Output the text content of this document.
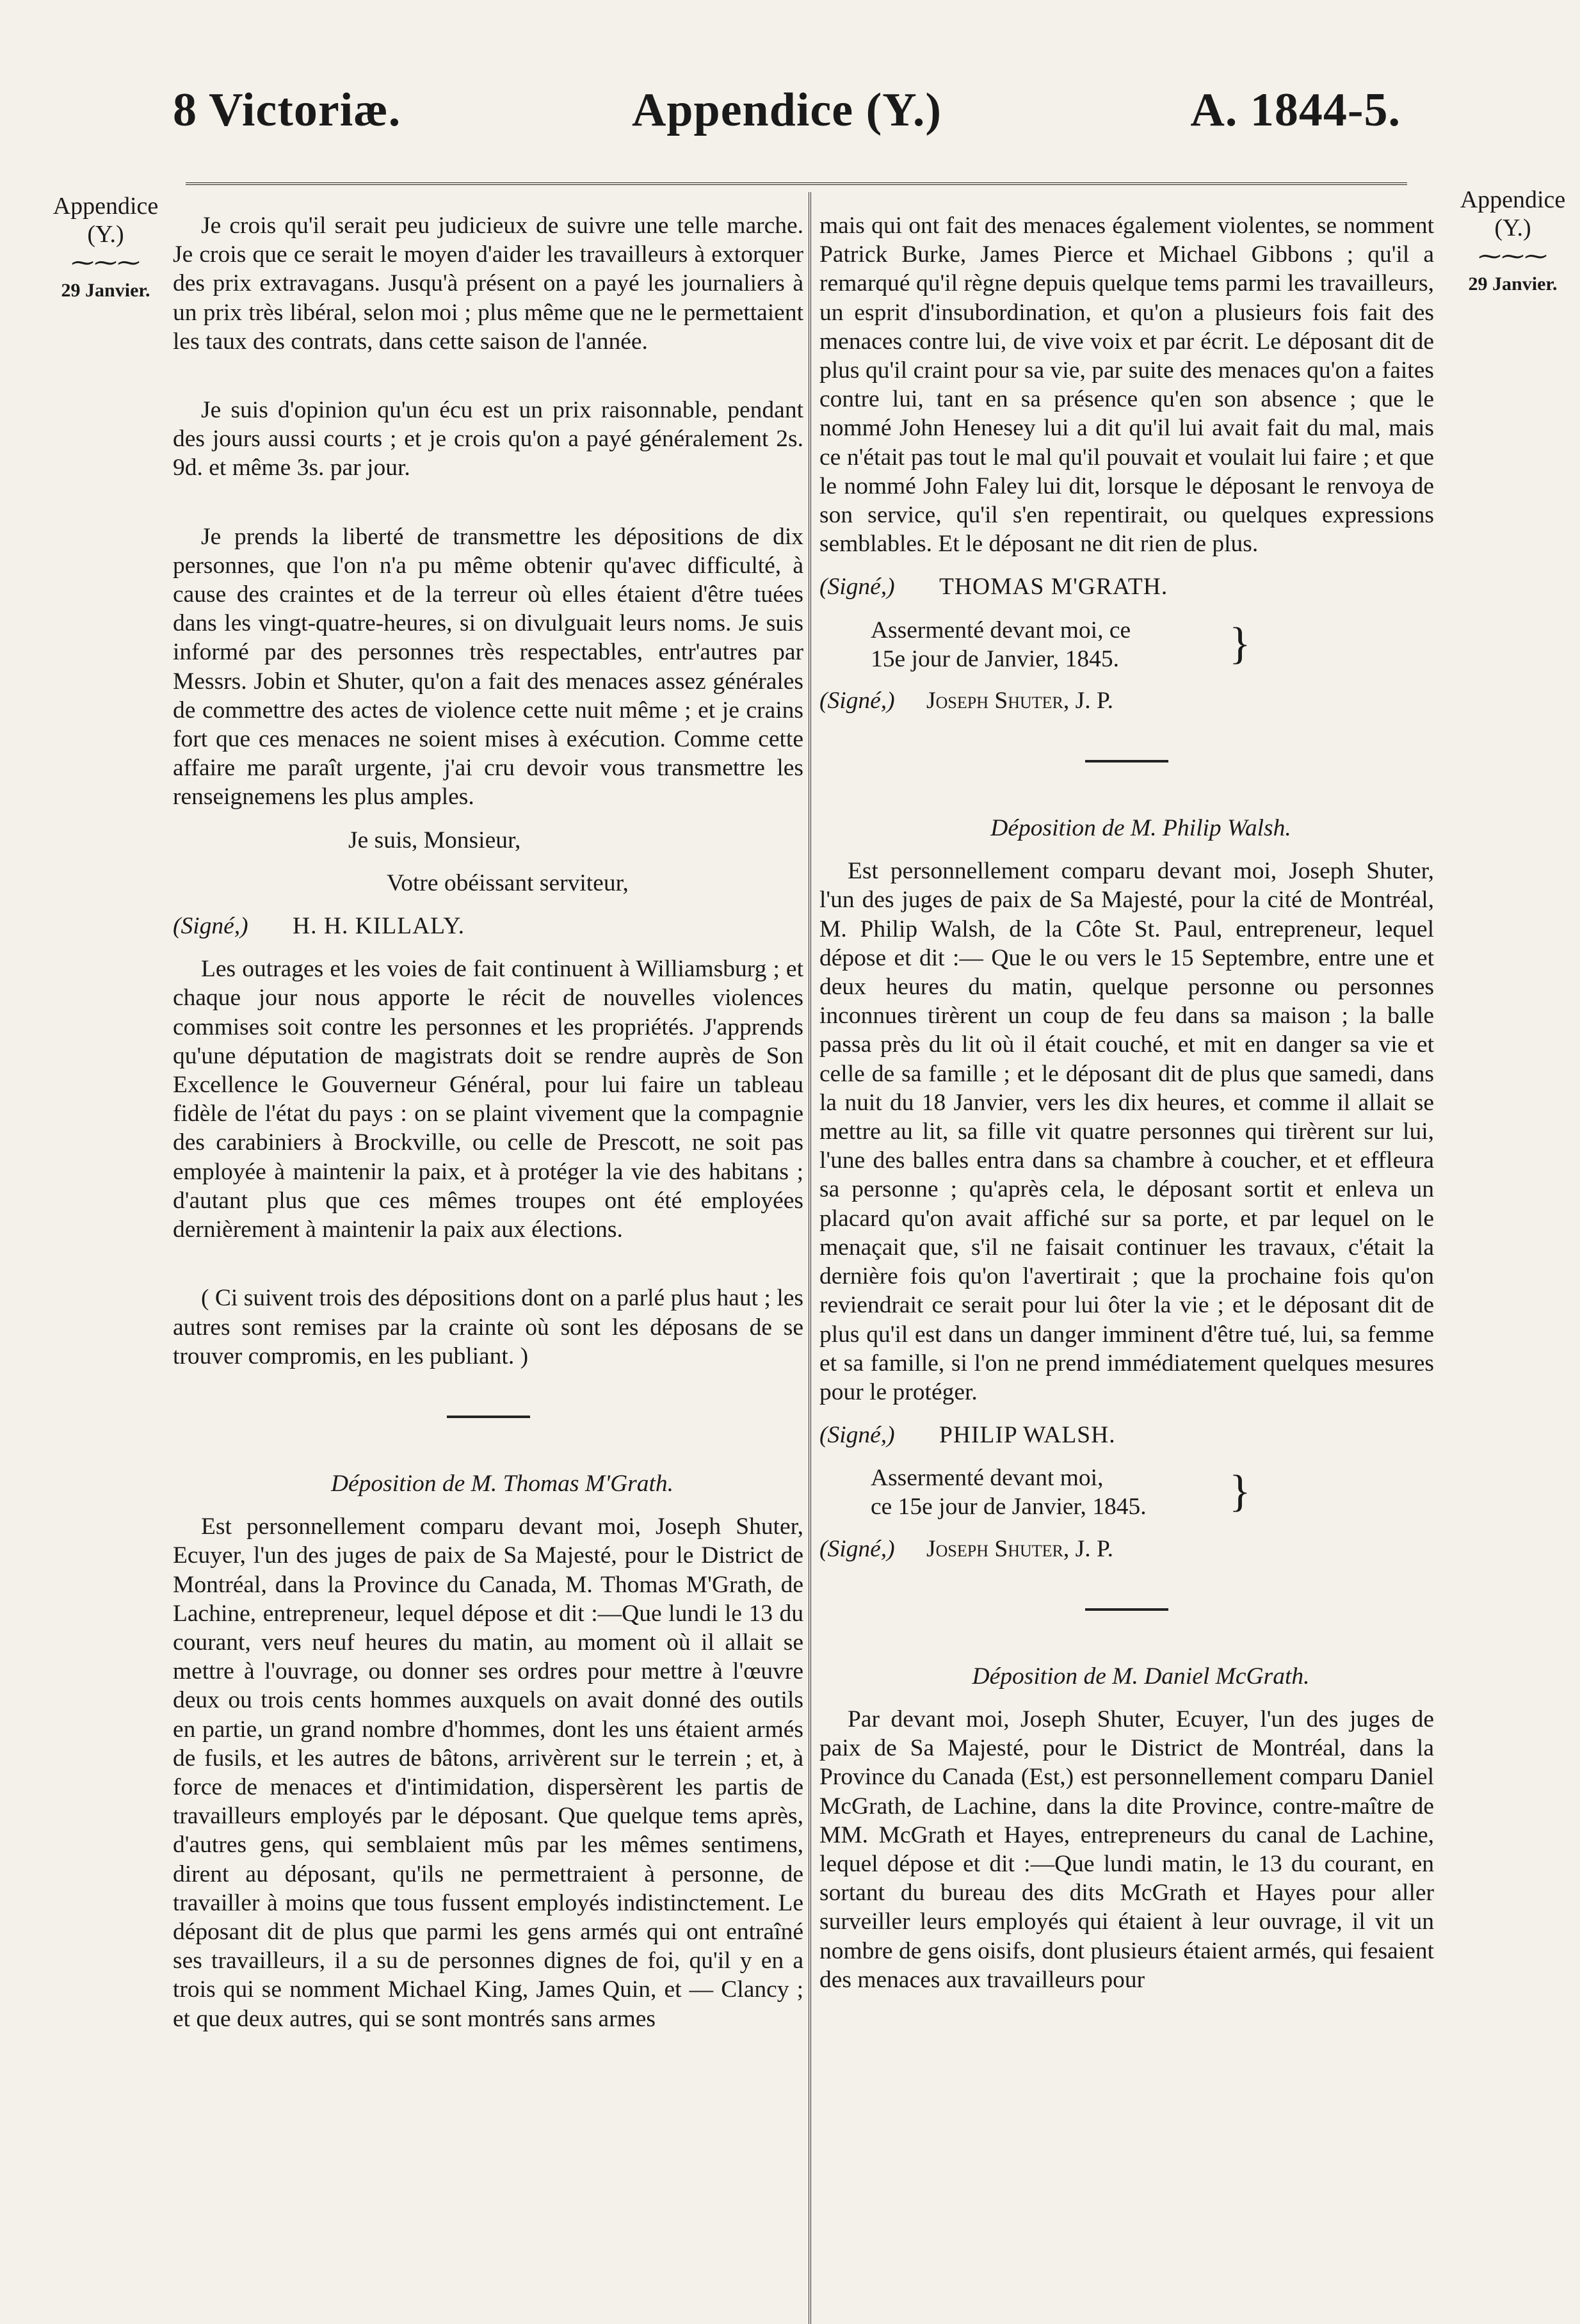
8 Victoriæ.	Appendice (Y.)	A. 1844-5.
Appendice
(Y.)
⁓⁓⁓
29 Janvier.
Appendice
(Y.)
⁓⁓⁓
29 Janvier.

Je crois qu'il serait peu judicieux de suivre une telle marche. Je crois que ce serait le moyen d'aider les travailleurs à extorquer des prix extravagans. Jusqu'à présent on a payé les journaliers à un prix très libéral, selon moi ; plus même que ne le permettaient les taux des contrats, dans cette saison de l'année.

Je suis d'opinion qu'un écu est un prix raisonnable, pendant des jours aussi courts ; et je crois qu'on a payé généralement 2s. 9d. et même 3s. par jour.

Je prends la liberté de transmettre les dépositions de dix personnes, que l'on n'a pu même obtenir qu'avec difficulté, à cause des craintes et de la terreur où elles étaient d'être tuées dans les vingt-quatre-heures, si on divulguait leurs noms. Je suis informé par des personnes très respectables, entr'autres par Messrs. Jobin et Shuter, qu'on a fait des menaces assez générales de commettre des actes de violence cette nuit même ; et je crains fort que ces menaces ne soient mises à exécution. Comme cette affaire me paraît urgente, j'ai cru devoir vous transmettre les renseignemens les plus amples.

Je suis, Monsieur,

Votre obéissant serviteur,

(Signé,) H. H. KILLALY.

Les outrages et les voies de fait continuent à Williamsburg ; et chaque jour nous apporte le récit de nouvelles violences commises soit contre les personnes et les propriétés. J'apprends qu'une députation de magistrats doit se rendre auprès de Son Excellence le Gouverneur Général, pour lui faire un tableau fidèle de l'état du pays : on se plaint vivement que la compagnie des carabiniers à Brockville, ou celle de Prescott, ne soit pas employée à maintenir la paix, et à protéger la vie des habitans ; d'autant plus que ces mêmes troupes ont été employées dernièrement à maintenir la paix aux élections.

( Ci suivent trois des dépositions dont on a parlé plus haut ; les autres sont remises par la crainte où sont les déposans de se trouver compromis, en les publiant. )

Déposition de M. Thomas M'Grath.

Est personnellement comparu devant moi, Joseph Shuter, Ecuyer, l'un des juges de paix de Sa Majesté, pour le District de Montréal, dans la Province du Canada, M. Thomas M'Grath, de Lachine, entrepreneur, lequel dépose et dit :—Que lundi le 13 du courant, vers neuf heures du matin, au moment où il allait se mettre à l'ouvrage, ou donner ses ordres pour mettre à l'œuvre deux ou trois cents hommes auxquels on avait donné des outils en partie, un grand nombre d'hommes, dont les uns étaient armés de fusils, et les autres de bâtons, arrivèrent sur le terrein ; et, à force de menaces et d'intimidation, dispersèrent les partis de travailleurs employés par le déposant. Que quelque tems après, d'autres gens, qui semblaient mûs par les mêmes sentimens, dirent au déposant, qu'ils ne permettraient à personne, de travailler à moins que tous fussent employés indistinctement. Le déposant dit de plus que parmi les gens armés qui ont entraîné ses travailleurs, il a su de personnes dignes de foi, qu'il y en a trois qui se nomment Michael King, James Quin, et — Clancy ; et que deux autres, qui se sont montrés sans armes

mais qui ont fait des menaces également violentes, se nomment Patrick Burke, James Pierce et Michael Gibbons ; qu'il a remarqué qu'il règne depuis quelque tems parmi les travailleurs, un esprit d'insubordination, et qu'on a plusieurs fois fait des menaces contre lui, de vive voix et par écrit. Le déposant dit de plus qu'il craint pour sa vie, par suite des menaces qu'on a faites contre lui, tant en sa présence qu'en son absence ; que le nommé John Henesey lui a dit qu'il lui avait fait du mal, mais ce n'était pas tout le mal qu'il pouvait et voulait lui faire ; et que le nommé John Faley lui dit, lorsque le déposant le renvoya de son service, qu'il s'en repentirait, ou quelques expressions semblables. Et le déposant ne dit rien de plus.

(Signé,) THOMAS M'GRATH.

Assermenté devant moi, ce
15e jour de Janvier, 1845. }

(Signé,) Joseph Shuter, J. P.

Déposition de M. Philip Walsh.

Est personnellement comparu devant moi, Joseph Shuter, l'un des juges de paix de Sa Majesté, pour la cité de Montréal, M. Philip Walsh, de la Côte St. Paul, entrepreneur, lequel dépose et dit :— Que le ou vers le 15 Septembre, entre une et deux heures du matin, quelque personne ou personnes inconnues tirèrent un coup de feu dans sa maison ; la balle passa près du lit où il était couché, et mit en danger sa vie et celle de sa famille ; et le déposant dit de plus que samedi, dans la nuit du 18 Janvier, vers les dix heures, et comme il allait se mettre au lit, sa fille vit quatre personnes qui tirèrent sur lui, l'une des balles entra dans sa chambre à coucher, et et effleura sa personne ; qu'après cela, le déposant sortit et enleva un placard qu'on avait affiché sur sa porte, et par lequel on le menaçait que, s'il ne faisait continuer les travaux, c'était la dernière fois qu'on l'avertirait ; que la prochaine fois qu'on reviendrait ce serait pour lui ôter la vie ; et le déposant dit de plus qu'il est dans un danger imminent d'être tué, lui, sa femme et sa famille, si l'on ne prend immédiatement quelques mesures pour le protéger.

(Signé,) PHILIP WALSH.

Assermenté devant moi,
ce 15e jour de Janvier, 1845. }

(Signé,) Joseph Shuter, J. P.

Déposition de M. Daniel McGrath.

Par devant moi, Joseph Shuter, Ecuyer, l'un des juges de paix de Sa Majesté, pour le District de Montréal, dans la Province du Canada (Est,) est personnellement comparu Daniel McGrath, de Lachine, dans la dite Province, contre-maître de MM. McGrath et Hayes, entrepreneurs du canal de Lachine, lequel dépose et dit :—Que lundi matin, le 13 du courant, en sortant du bureau des dits McGrath et Hayes pour aller surveiller leurs employés qui étaient à leur ouvrage, il vit un nombre de gens oisifs, dont plusieurs étaient armés, qui fesaient des menaces aux travailleurs pour
